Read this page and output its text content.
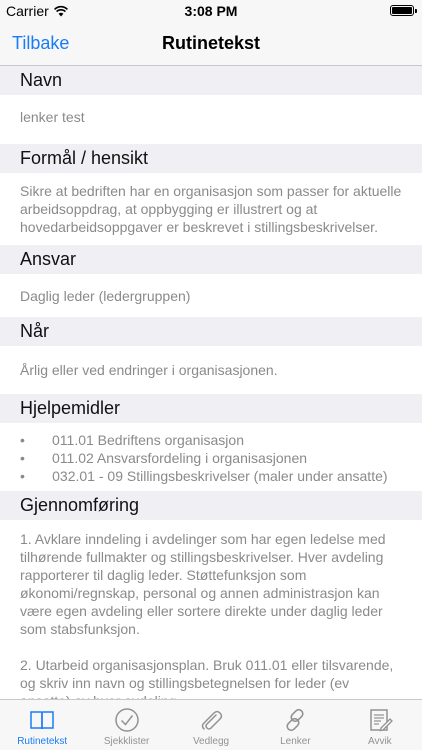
Carrier	3:08 PM
Tilbake	Rutinetekst
Navn

lenker test

Formål / hensikt

Sikre at bedriften har en organisasjon som passer for aktuelle arbeidsoppdrag, at oppbygging er illustrert og at hovedarbeidsoppgaver er beskrevet i stillingsbeskrivelser.

Ansvar

Daglig leder (ledergruppen)

Når

Årlig eller ved endringer i organisasjonen.

Hjelpemidler
• 011.01 Bedriftens organisasjon
• 011.02 Ansvarsfordeling i organisasjonen
• 032.01 - 09 Stillingsbeskrivelser (maler under ansatte)
Gjennomføring

1. Avklare inndeling i avdelinger som har egen ledelse med tilhørende fullmakter og stillingsbeskrivelser. Hver avdeling rapporterer til daglig leder. Støttefunksjon som økonomi/regnskap, personal og annen administrasjon kan være egen avdeling eller sortere direkte under daglig leder som stabsfunksjon.

2. Utarbeid organisasjonsplan. Bruk 011.01 eller tilsvarende, og skriv inn navn og stillingsbetegnelsen for leder (ev

Rutinetekst	Sjekklister	Vedlegg	Lenker	Avvik
